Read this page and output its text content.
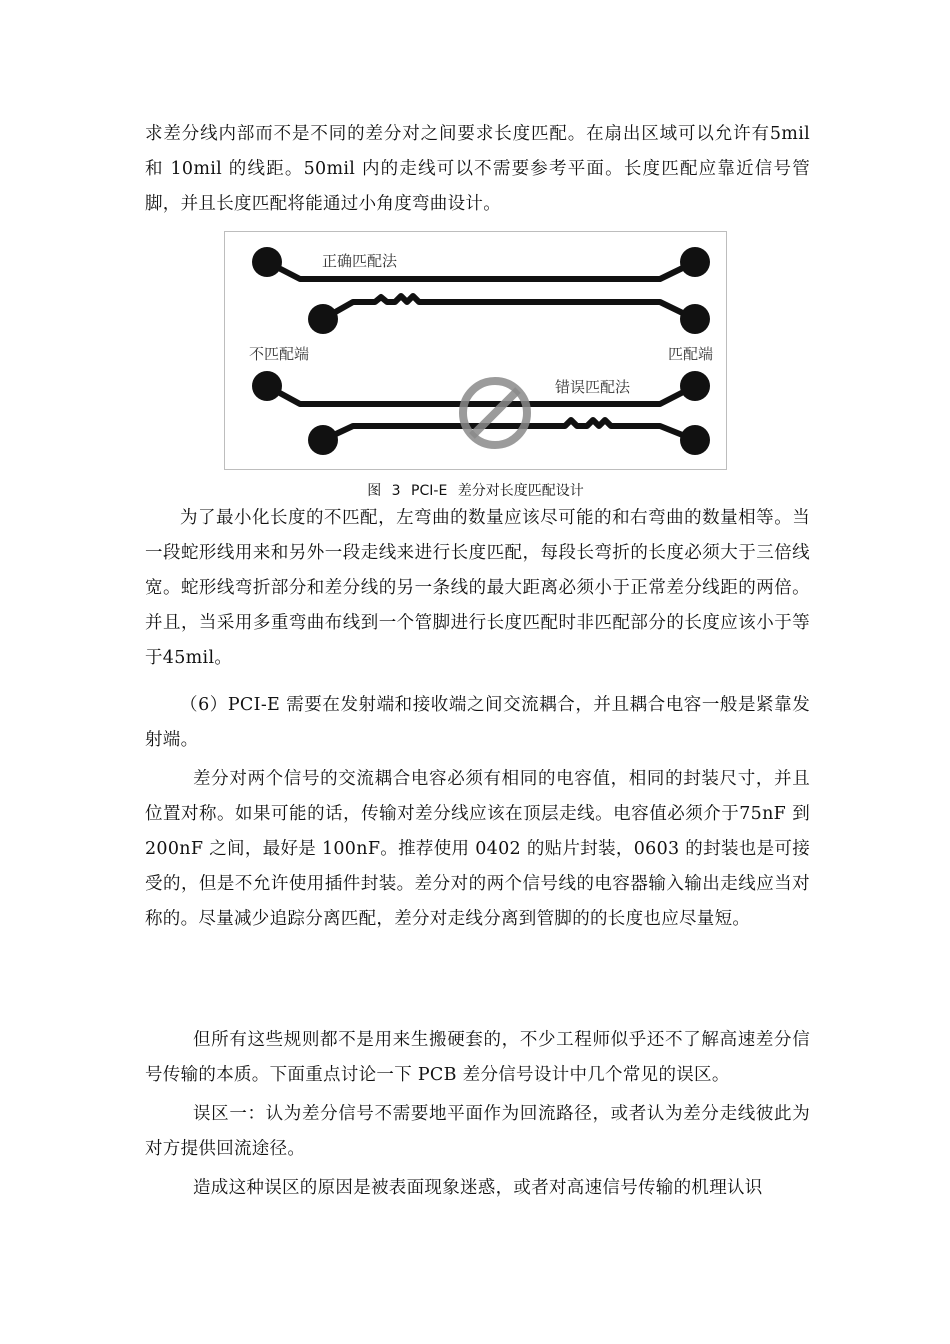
求差分线内部而不是不同的差分对之间要求长度匹配。在扇出区域可以允许有5mil 和 10mil 的线距。50mil 内的走线可以不需要参考平面。长度匹配应靠近信号管脚，并且长度匹配将能通过小角度弯曲设计。

正确匹配法
不匹配端	匹配端
错误匹配法
图 3 PCI-E 差分对长度匹配设计

为了最小化长度的不匹配，左弯曲的数量应该尽可能的和右弯曲的数量相等。当一段蛇形线用来和另外一段走线来进行长度匹配，每段长弯折的长度必须大于三倍线宽。蛇形线弯折部分和差分线的另一条线的最大距离必须小于正常差分线距的两倍。并且，当采用多重弯曲布线到一个管脚进行长度匹配时非匹配部分的长度应该小于等于45mil。

（6）PCI-E 需要在发射端和接收端之间交流耦合，并且耦合电容一般是紧靠发射端。

差分对两个信号的交流耦合电容必须有相同的电容值，相同的封装尺寸，并且位置对称。如果可能的话，传输对差分线应该在顶层走线。电容值必须介于75nF 到 200nF 之间，最好是 100nF。推荐使用 0402 的贴片封装，0603 的封装也是可接受的，但是不允许使用插件封装。差分对的两个信号线的电容器输入输出走线应当对称的。尽量减少追踪分离匹配，差分对走线分离到管脚的的长度也应尽量短。

但所有这些规则都不是用来生搬硬套的，不少工程师似乎还不了解高速差分信号传输的本质。下面重点讨论一下 PCB 差分信号设计中几个常见的误区。

误区一：认为差分信号不需要地平面作为回流路径，或者认为差分走线彼此为对方提供回流途径。

造成这种误区的原因是被表面现象迷惑，或者对高速信号传输的机理认识
